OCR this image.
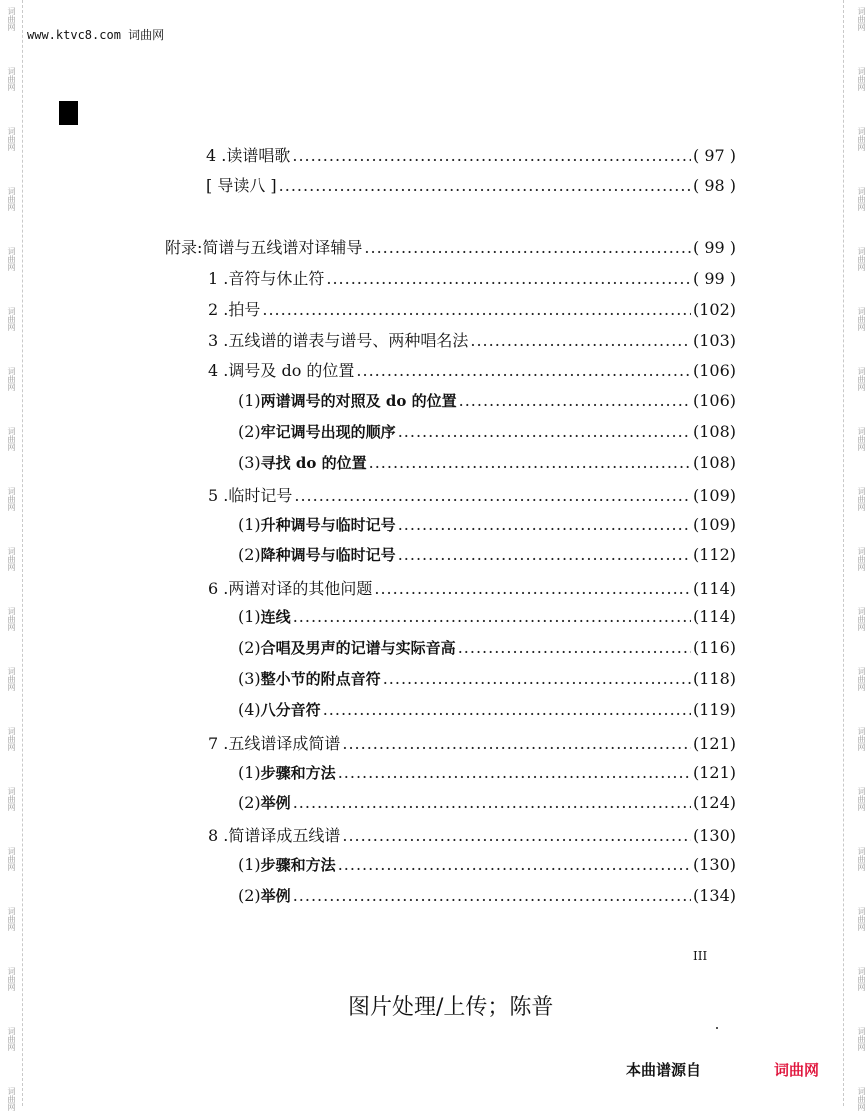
词曲网
词曲网
词曲网
词曲网
词曲网
词曲网
词曲网
词曲网
词曲网
词曲网
词曲网
词曲网
词曲网
词曲网
词曲网
词曲网
词曲网
词曲网
词曲网
词曲网
词曲网
词曲网
词曲网
词曲网
词曲网
词曲网
词曲网
词曲网
词曲网
词曲网
词曲网
词曲网
词曲网
词曲网
词曲网
词曲网
词曲网
词曲网
www.ktvc8.com 词曲网
4 . 读谱唱歌 .....	( 97 )
[ 导读八 ] .....	( 98 )
附录: 简谱与五线谱对译辅导 .....	( 99 )
1 . 音符与休止符 .....	( 99 )
2 . 拍号 .....	(102)
3 . 五线谱的谱表与谱号、两种唱名法 .....	(103)
4 . 调号及 do 的位置 .....	(106)
(1) 两谱调号的对照及 do 的位置 .....	(106)
(2) 牢记调号出现的顺序 .....	(108)
(3) 寻找 do 的位置 .....	(108)
5 . 临时记号 .....	(109)
(1) 升种调号与临时记号 .....	(109)
(2) 降种调号与临时记号 .....	(112)
6 . 两谱对译的其他问题 .....	(114)
(1) 连线 .....	(114)
(2) 合唱及男声的记谱与实际音高 .....	(116)
(3) 整小节的附点音符 .....	(118)
(4) 八分音符 .....	(119)
7 . 五线谱译成简谱 .....	(121)
(1) 步骤和方法 .....	(121)
(2) 举例 .....	(124)
8 . 简谱译成五线谱 .....	(130)
(1) 步骤和方法 .....	(130)
(2) 举例 .....	(134)
III
图片处理/上传；陈普
本曲谱源自	词曲网
